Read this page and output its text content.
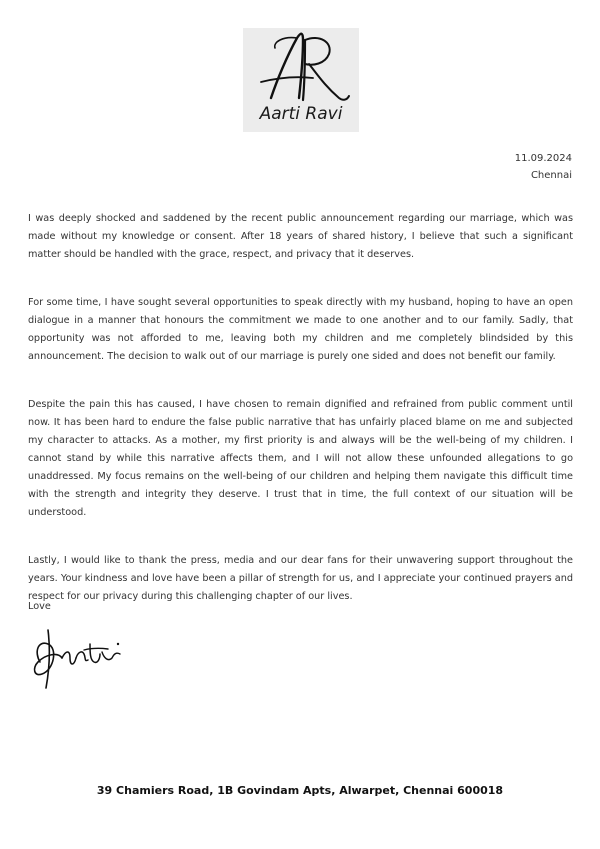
Aarti Ravi
11.09.2024
Chennai

I was deeply shocked and saddened by the recent public announcement regarding our marriage, which was made without my knowledge or consent. After 18 years of shared history, I believe that such a significant matter should be handled with the grace, respect, and privacy that it deserves.

For some time, I have sought several opportunities to speak directly with my husband, hoping to have an open dialogue in a manner that honours the commitment we made to one another and to our family. Sadly, that opportunity was not afforded to me, leaving both my children and me completely blindsided by this announcement. The decision to walk out of our marriage is purely one sided and does not benefit our family.

Despite the pain this has caused, I have chosen to remain dignified and refrained from public comment until now. It has been hard to endure the false public narrative that has unfairly placed blame on me and subjected my character to attacks. As a mother, my first priority is and always will be the well-being of my children. I cannot stand by while this narrative affects them, and I will not allow these unfounded allegations to go unaddressed. My focus remains on the well-being of our children and helping them navigate this difficult time with the strength and integrity they deserve. I trust that in time, the full context of our situation will be understood.

Lastly, I would like to thank the press, media and our dear fans for their unwavering support throughout the years. Your kindness and love have been a pillar of strength for us, and I appreciate your continued prayers and respect for our privacy during this challenging chapter of our lives.

Love
39 Chamiers Road, 1B Govindam Apts, Alwarpet, Chennai 600018
